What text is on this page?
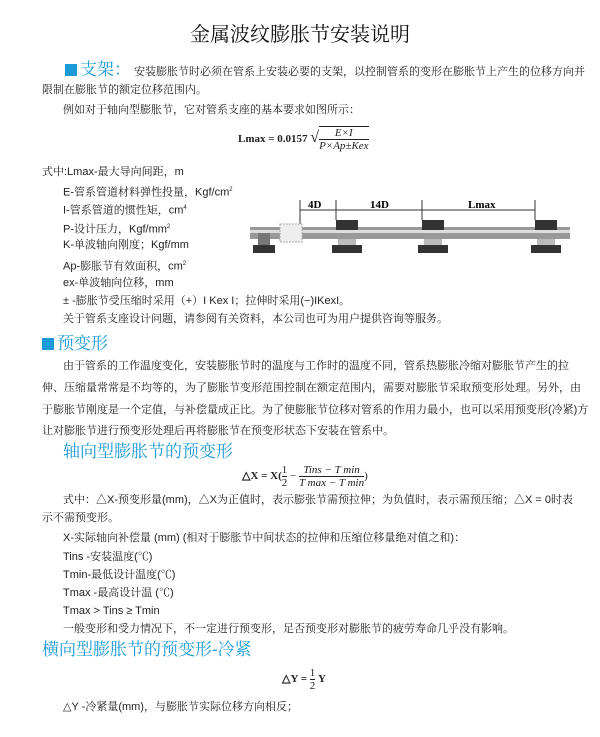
金属波纹膨胀节安装说明
支架： 安装膨胀节时必须在管系上安装必要的支架，以控制管系的变形在膨胀节上产生的位移方向并
限制在膨胀节的额定位移范围内。
例如对于轴向型膨胀节，它对管系支座的基本要求如图所示：
Lmax = 0.0157 √ $\frac{E\times I}{\text{P×Ap±Kex}}$
式中:Lmax-最大导向间距，m
E-管系管道材料弹性投量，Kgf/$cm^2$
I-管系管道的惯性矩，$cm^4$
P-设计压力，Kgf/$mm^2$
K-单波轴向刚度；Kgf/mm
Ap-膨胀节有效面积，$cm^2$
ex-单波轴向位移，mm
± -膨胀节受压缩时采用（+）I Kex I；拉伸时采用(−)IKexI。
关于管系支座设计问题，请参阅有关资料，本公司也可为用户提供咨询等服务。
4D	14D	Lmax
预变形
由于管系的工作温度变化，安装膨胀节时的温度与工作时的温度不同，管系热膨胀冷缩对膨胀节产生的拉
伸、压缩量常常是不均等的，为了膨胀节变形范围控制在额定范围内，需要对膨胀节采取预变形处理。另外，由
于膨胀节刚度是一个定值，与补偿量成正比。为了使膨胀节位移对管系的作用力最小，也可以采用预变形(冷紧)方
让对膨胀节进行预变形处理后再将膨胀节在预变形状态下安装在管系中。
轴向型膨胀节的预变形
△X = $X( \frac{1}{2} - \frac{\text{Tins − T min}}{\text{T max − T min}}$ )
式中：△X-预变形量(mm)，△X为正值时，表示膨张节需预拉伸；为负值时，表示需预压缩；△X = 0时表
示不需预变形。
X-实际轴向补偿量 (mm) (相对于膨胀节中间状态的拉伸和压缩位移量绝对值之和)：
Tins -安装温度(℃)
Tmin-最低设计温度(℃)
Tmax -最高设计温 (℃)
Tmax > Tins ≥ Tmin
一般变形和受力情况下，不一定进行预变形，足否预变形对膨胀节的疲劳寿命几乎没有影响。
横向型膨胀节的预变形-冷紧
△Y = $\frac{1}{2}$ Y
△Y -冷紧量(mm)，与膨胀节实际位移方向相反；
